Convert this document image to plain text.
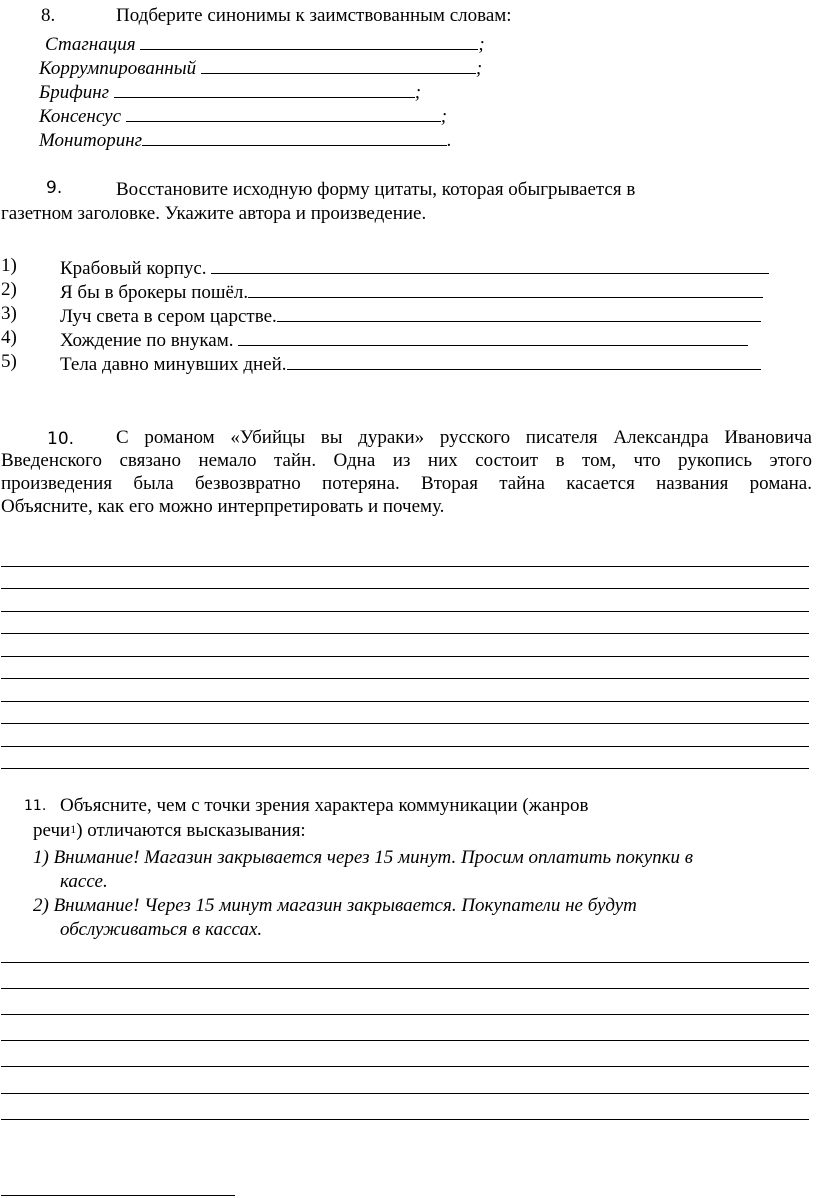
8.	Подберите синонимы к заимствованным словам:
Стагнация	;
Коррумпированный	;
Брифинг	;
Консенсус	;
Мониторинг	.
9.	Восстановите исходную форму цитаты, которая обыгрывается в
газетном заголовке. Укажите автора и произведение.
1) Крабовый корпус.
2) Я бы в брокеры пошёл.
3) Луч света в сером царстве.
4) Хождение по внукам.
5) Тела давно минувших дней.
10.	С романом «Убийцы вы дураки» русского писателя Александра Ивановича
Введенского связано немало тайн. Одна из них состоит в том, что рукопись этого
произведения была безвозвратно потеряна. Вторая тайна касается названия романа.
Объясните, как его можно интерпретировать и почему.
11. Объясните, чем с точки зрения характера коммуникации (жанров
речи$^1$) отличаются высказывания:
1) Внимание! Магазин закрывается через 15 минут. Просим оплатить покупки в
кассе.
2) Внимание! Через 15 минут магазин закрывается. Покупатели не будут
обслуживаться в кассах.
